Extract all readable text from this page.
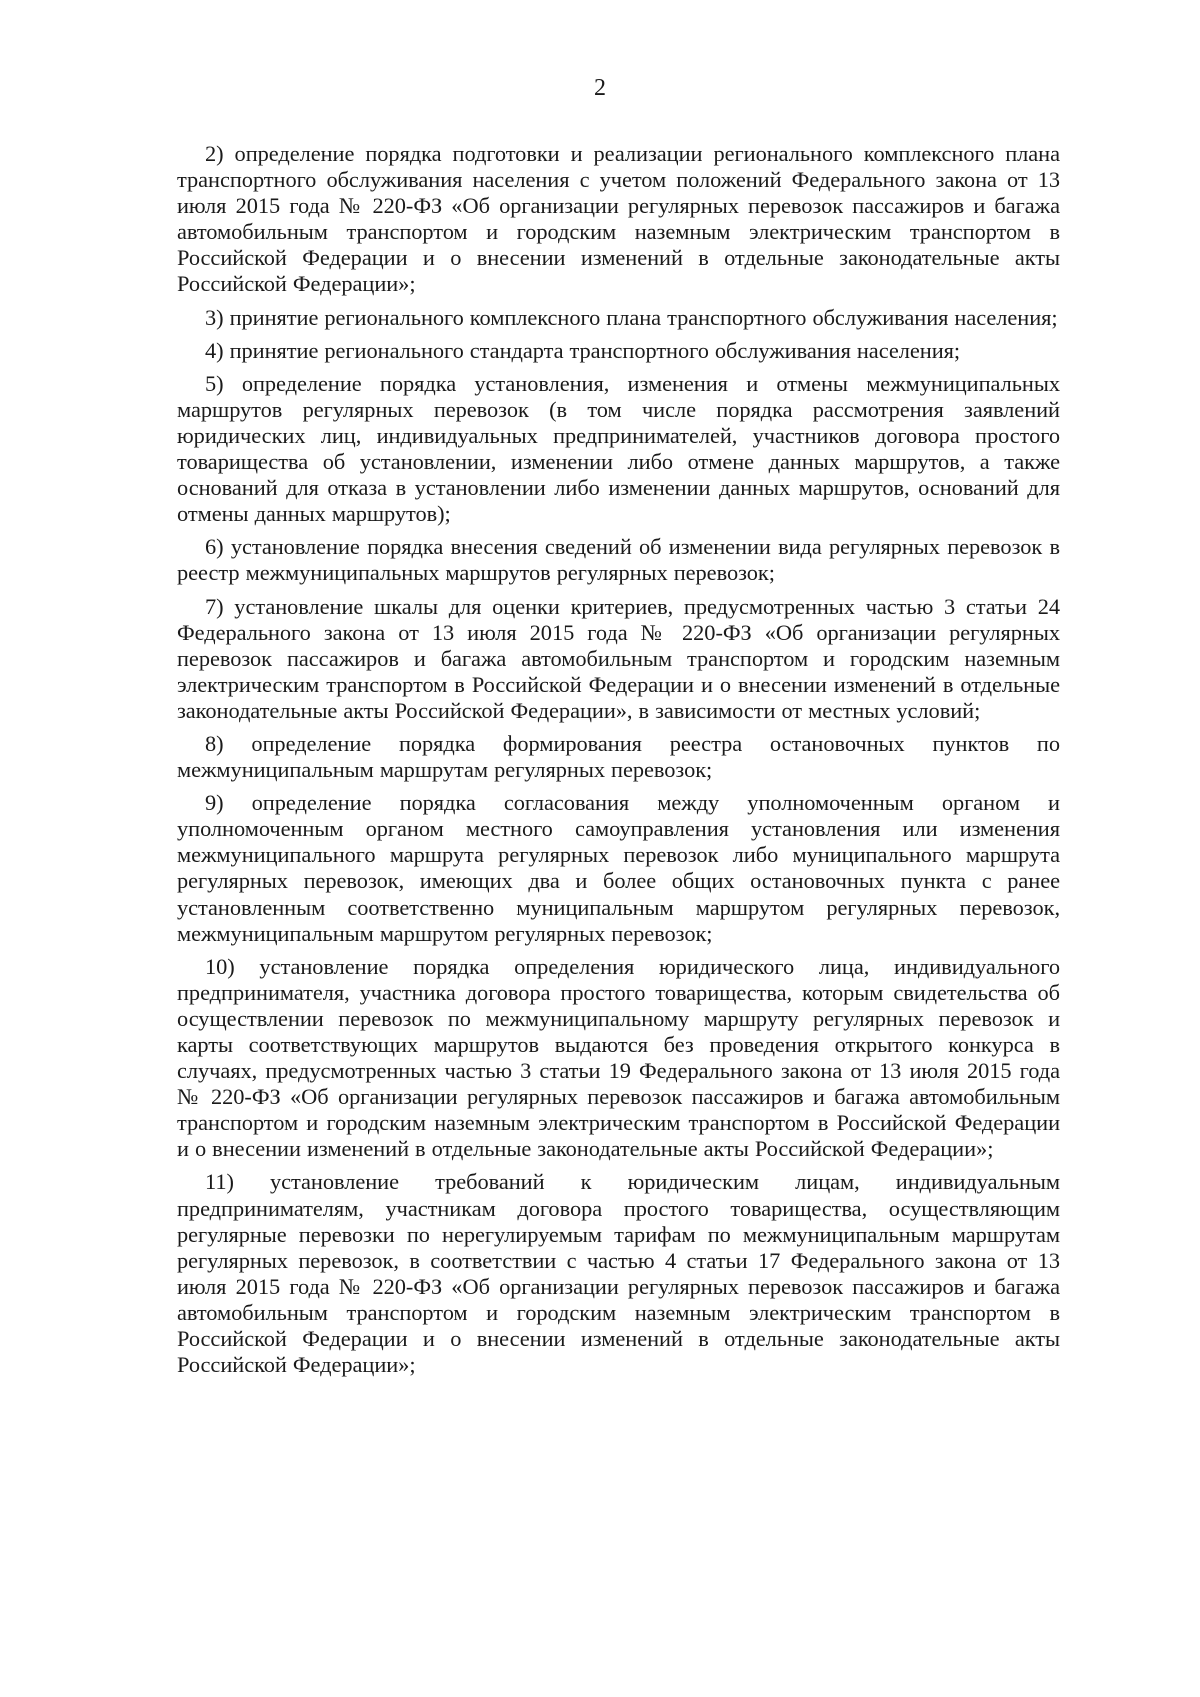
2

2) определение порядка подготовки и реализации регионального комплексного плана транспортного обслуживания населения с учетом положений Федерального закона от 13 июля 2015 года № 220-ФЗ «Об организации регулярных перевозок пассажиров и багажа автомобильным транспортом и городским наземным электрическим транспортом в Российской Федерации и о внесении изменений в отдельные законодательные акты Российской Федерации»;

3) принятие регионального комплексного плана транспортного обслуживания населения;

4) принятие регионального стандарта транспортного обслуживания населения;

5) определение порядка установления, изменения и отмены межмуниципальных маршрутов регулярных перевозок (в том числе порядка рассмотрения заявлений юридических лиц, индивидуальных предпринимателей, участников договора простого товарищества об установлении, изменении либо отмене данных маршрутов, а также оснований для отказа в установлении либо изменении данных маршрутов, оснований для отмены данных маршрутов);

6) установление порядка внесения сведений об изменении вида регулярных перевозок в реестр межмуниципальных маршрутов регулярных перевозок;

7) установление шкалы для оценки критериев, предусмотренных частью 3 статьи 24 Федерального закона от 13 июля 2015 года № 220-ФЗ «Об организации регулярных перевозок пассажиров и багажа автомобильным транспортом и городским наземным электрическим транспортом в Российской Федерации и о внесении изменений в отдельные законодательные акты Российской Федерации», в зависимости от местных условий;

8) определение порядка формирования реестра остановочных пунктов по межмуниципальным маршрутам регулярных перевозок;

9) определение порядка согласования между уполномоченным органом и уполномоченным органом местного самоуправления установления или изменения межмуниципального маршрута регулярных перевозок либо муниципального маршрута регулярных перевозок, имеющих два и более общих остановочных пункта с ранее установленным соответственно муниципальным маршрутом регулярных перевозок, межмуниципальным маршрутом регулярных перевозок;

10) установление порядка определения юридического лица, индивидуального предпринимателя, участника договора простого товарищества, которым свидетельства об осуществлении перевозок по межмуниципальному маршруту регулярных перевозок и карты соответствующих маршрутов выдаются без проведения открытого конкурса в случаях, предусмотренных частью 3 статьи 19 Федерального закона от 13 июля 2015 года № 220-ФЗ «Об организации регулярных перевозок пассажиров и багажа автомобильным транспортом и городским наземным электрическим транспортом в Российской Федерации и о внесении изменений в отдельные законодательные акты Российской Федерации»;

11) установление требований к юридическим лицам, индивидуальным предпринимателям, участникам договора простого товарищества, осуществляющим регулярные перевозки по нерегулируемым тарифам по межмуниципальным маршрутам регулярных перевозок, в соответствии с частью 4 статьи 17 Федерального закона от 13 июля 2015 года № 220-ФЗ «Об организации регулярных перевозок пассажиров и багажа автомобильным транспортом и городским наземным электрическим транспортом в Российской Федерации и о внесении изменений в отдельные законодательные акты Российской Федерации»;
